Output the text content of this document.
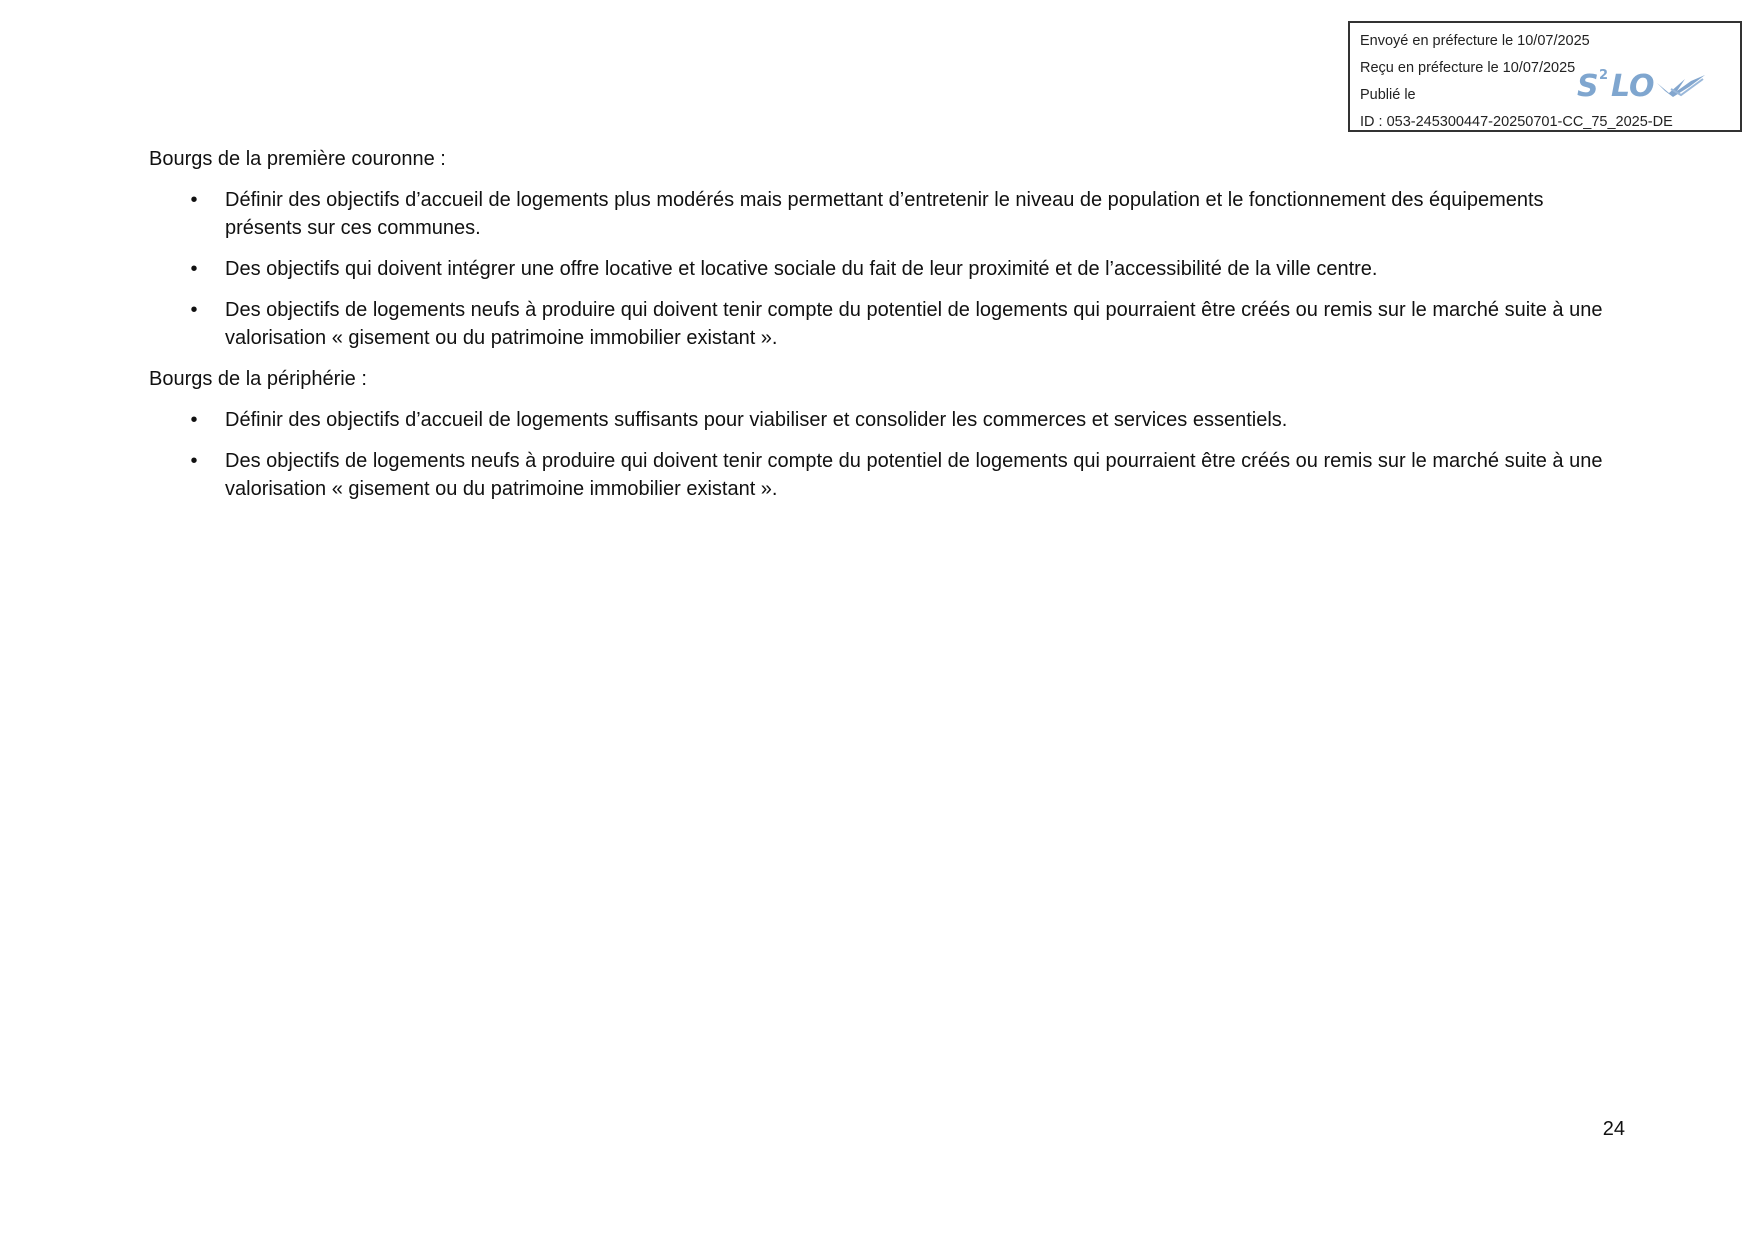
Envoyé en préfecture le 10/07/2025
Reçu en préfecture le 10/07/2025
Publié le
ID : 053-245300447-20250701-CC_75_2025-DE
S 2 LO

Bourgs de la première couronne :

• Définir des objectifs d’accueil de logements plus modérés mais permettant d’entretenir le niveau de population et le fonctionnement des équipements présents sur ces communes.
• Des objectifs qui doivent intégrer une offre locative et locative sociale du fait de leur proximité et de l’accessibilité de la ville centre.
• Des objectifs de logements neufs à produire qui doivent tenir compte du potentiel de logements qui pourraient être créés ou remis sur le marché suite à une valorisation « gisement ou du patrimoine immobilier existant ».

Bourgs de la périphérie :

• Définir des objectifs d’accueil de logements suffisants pour viabiliser et consolider les commerces et services essentiels.
• Des objectifs de logements neufs à produire qui doivent tenir compte du potentiel de logements qui pourraient être créés ou remis sur le marché suite à une valorisation « gisement ou du patrimoine immobilier existant ».
24
